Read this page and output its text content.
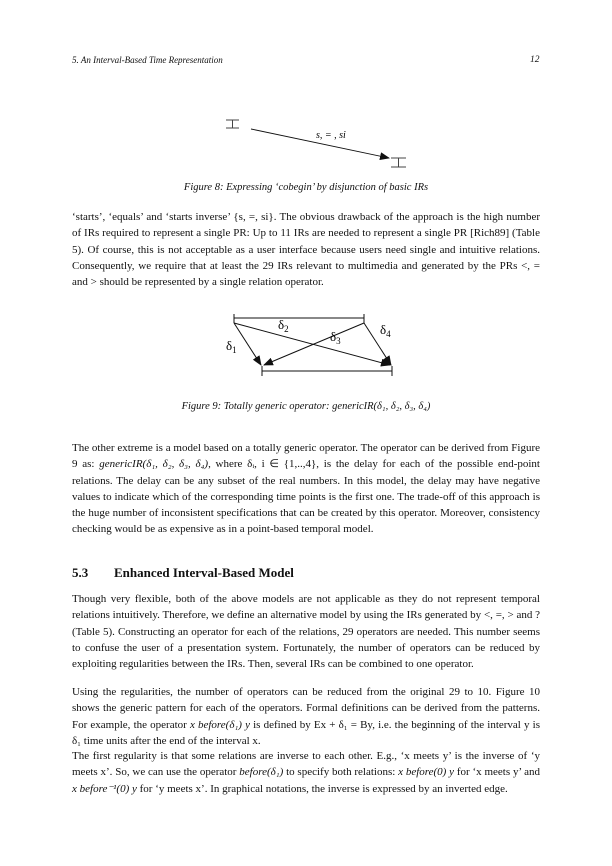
5. An Interval-Based Time Representation	12
s, = , si
Figure 8: Expressing ‘cobegin’ by disjunction of basic IRs
‘starts’, ‘equals’ and ‘starts inverse’ {s, =, si}. The obvious drawback of the approach is the high number of IRs required to represent a single PR: Up to 11 IRs are needed to represent a single PR [Rich89] (Table 5). Of course, this is not acceptable as a user interface because users need single and intuitive relations. Consequently, we require that at least the 29 IRs relevant to multimedia and generated by the PRs <, = and > should be represented by a single relation operator.
$\delta_1$
$\delta_2$	$\delta_3$
$\delta_4$
Figure 9: Totally generic operator: genericIR(δ₁, δ₂, δ₃, δ₄)
The other extreme is a model based on a totally generic operator. The operator can be derived from Figure 9 as: genericIR(δ₁, δ₂, δ₃, δ₄), where δᵢ, i ∈ {1,..,4}, is the delay for each of the possible end-point relations. The delay can be any subset of the real numbers. In this model, the delay may have negative values to indicate which of the corresponding time points is the first one. The trade-off of this approach is the huge number of inconsistent specifications that can be created by this operator. Moreover, consistency checking would be as expensive as in a point-based temporal model.
5.3 Enhanced Interval-Based Model
Though very flexible, both of the above models are not applicable as they do not represent temporal relations intuitively. Therefore, we define an alternative model by using the IRs generated by <, =, > and ? (Table 5). Constructing an operator for each of the relations, 29 operators are needed. This number seems to confuse the user of a presentation system. Fortunately, the number of operators can be reduced by exploiting regularities between the IRs. Then, several IRs can be combined to one operator.
Using the regularities, the number of operators can be reduced from the original 29 to 10. Figure 10 shows the generic pattern for each of the operators. Formal definitions can be derived from the patterns. For example, the operator x before(δ₁) y is defined by Ex + δ₁ = By, i.e. the beginning of the interval y is δ₁ time units after the end of the interval x.
The first regularity is that some relations are inverse to each other. E.g., ‘x meets y’ is the inverse of ‘y meets x’. So, we can use the operator before(δ₁) to specify both relations: x before(0) y for ‘x meets y’ and x before⁻¹(0) y for ‘y meets x’. In graphical notations, the inverse is expressed by an inverted edge.
